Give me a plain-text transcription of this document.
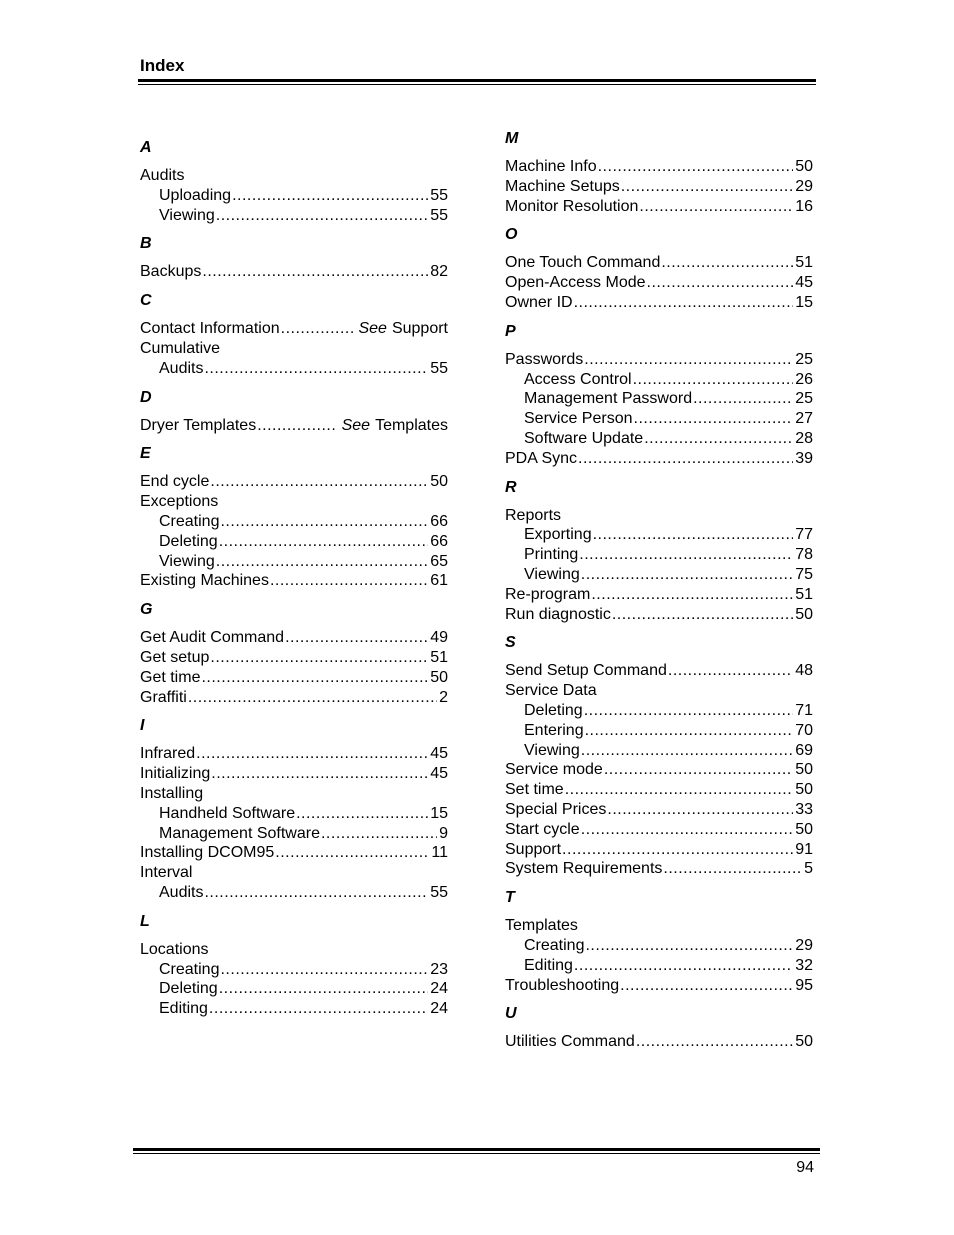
Index
A
Audits
Uploading .....	55
Viewing .....	55
B
Backups .....	82
C
Contact Information .....	See Support
Cumulative
Audits .....	55
D
Dryer Templates .....	See Templates
E
End cycle .....	50
Exceptions
Creating .....	66
Deleting .....	66
Viewing .....	65
Existing Machines .....	61
G
Get Audit Command .....	49
Get setup .....	51
Get time .....	50
Graffiti .....	2
I
Infrared .....	45
Initializing .....	45
Installing
Handheld Software .....	15
Management Software .....	9
Installing DCOM95 .....	11
Interval
Audits .....	55
L
Locations
Creating .....	23
Deleting .....	24
Editing .....	24
M
Machine Info .....	50
Machine Setups .....	29
Monitor Resolution .....	16
O
One Touch Command .....	51
Open-Access Mode .....	45
Owner ID .....	15
P
Passwords .....	25
Access Control .....	26
Management Password .....	25
Service Person .....	27
Software Update .....	28
PDA Sync .....	39
R
Reports
Exporting .....	77
Printing .....	78
Viewing .....	75
Re-program .....	51
Run diagnostic .....	50
S
Send Setup Command .....	48
Service Data
Deleting .....	71
Entering .....	70
Viewing .....	69
Service mode .....	50
Set time .....	50
Special Prices .....	33
Start cycle .....	50
Support .....	91
System Requirements .....	5
T
Templates
Creating .....	29
Editing .....	32
Troubleshooting .....	95
U
Utilities Command .....	50
94
